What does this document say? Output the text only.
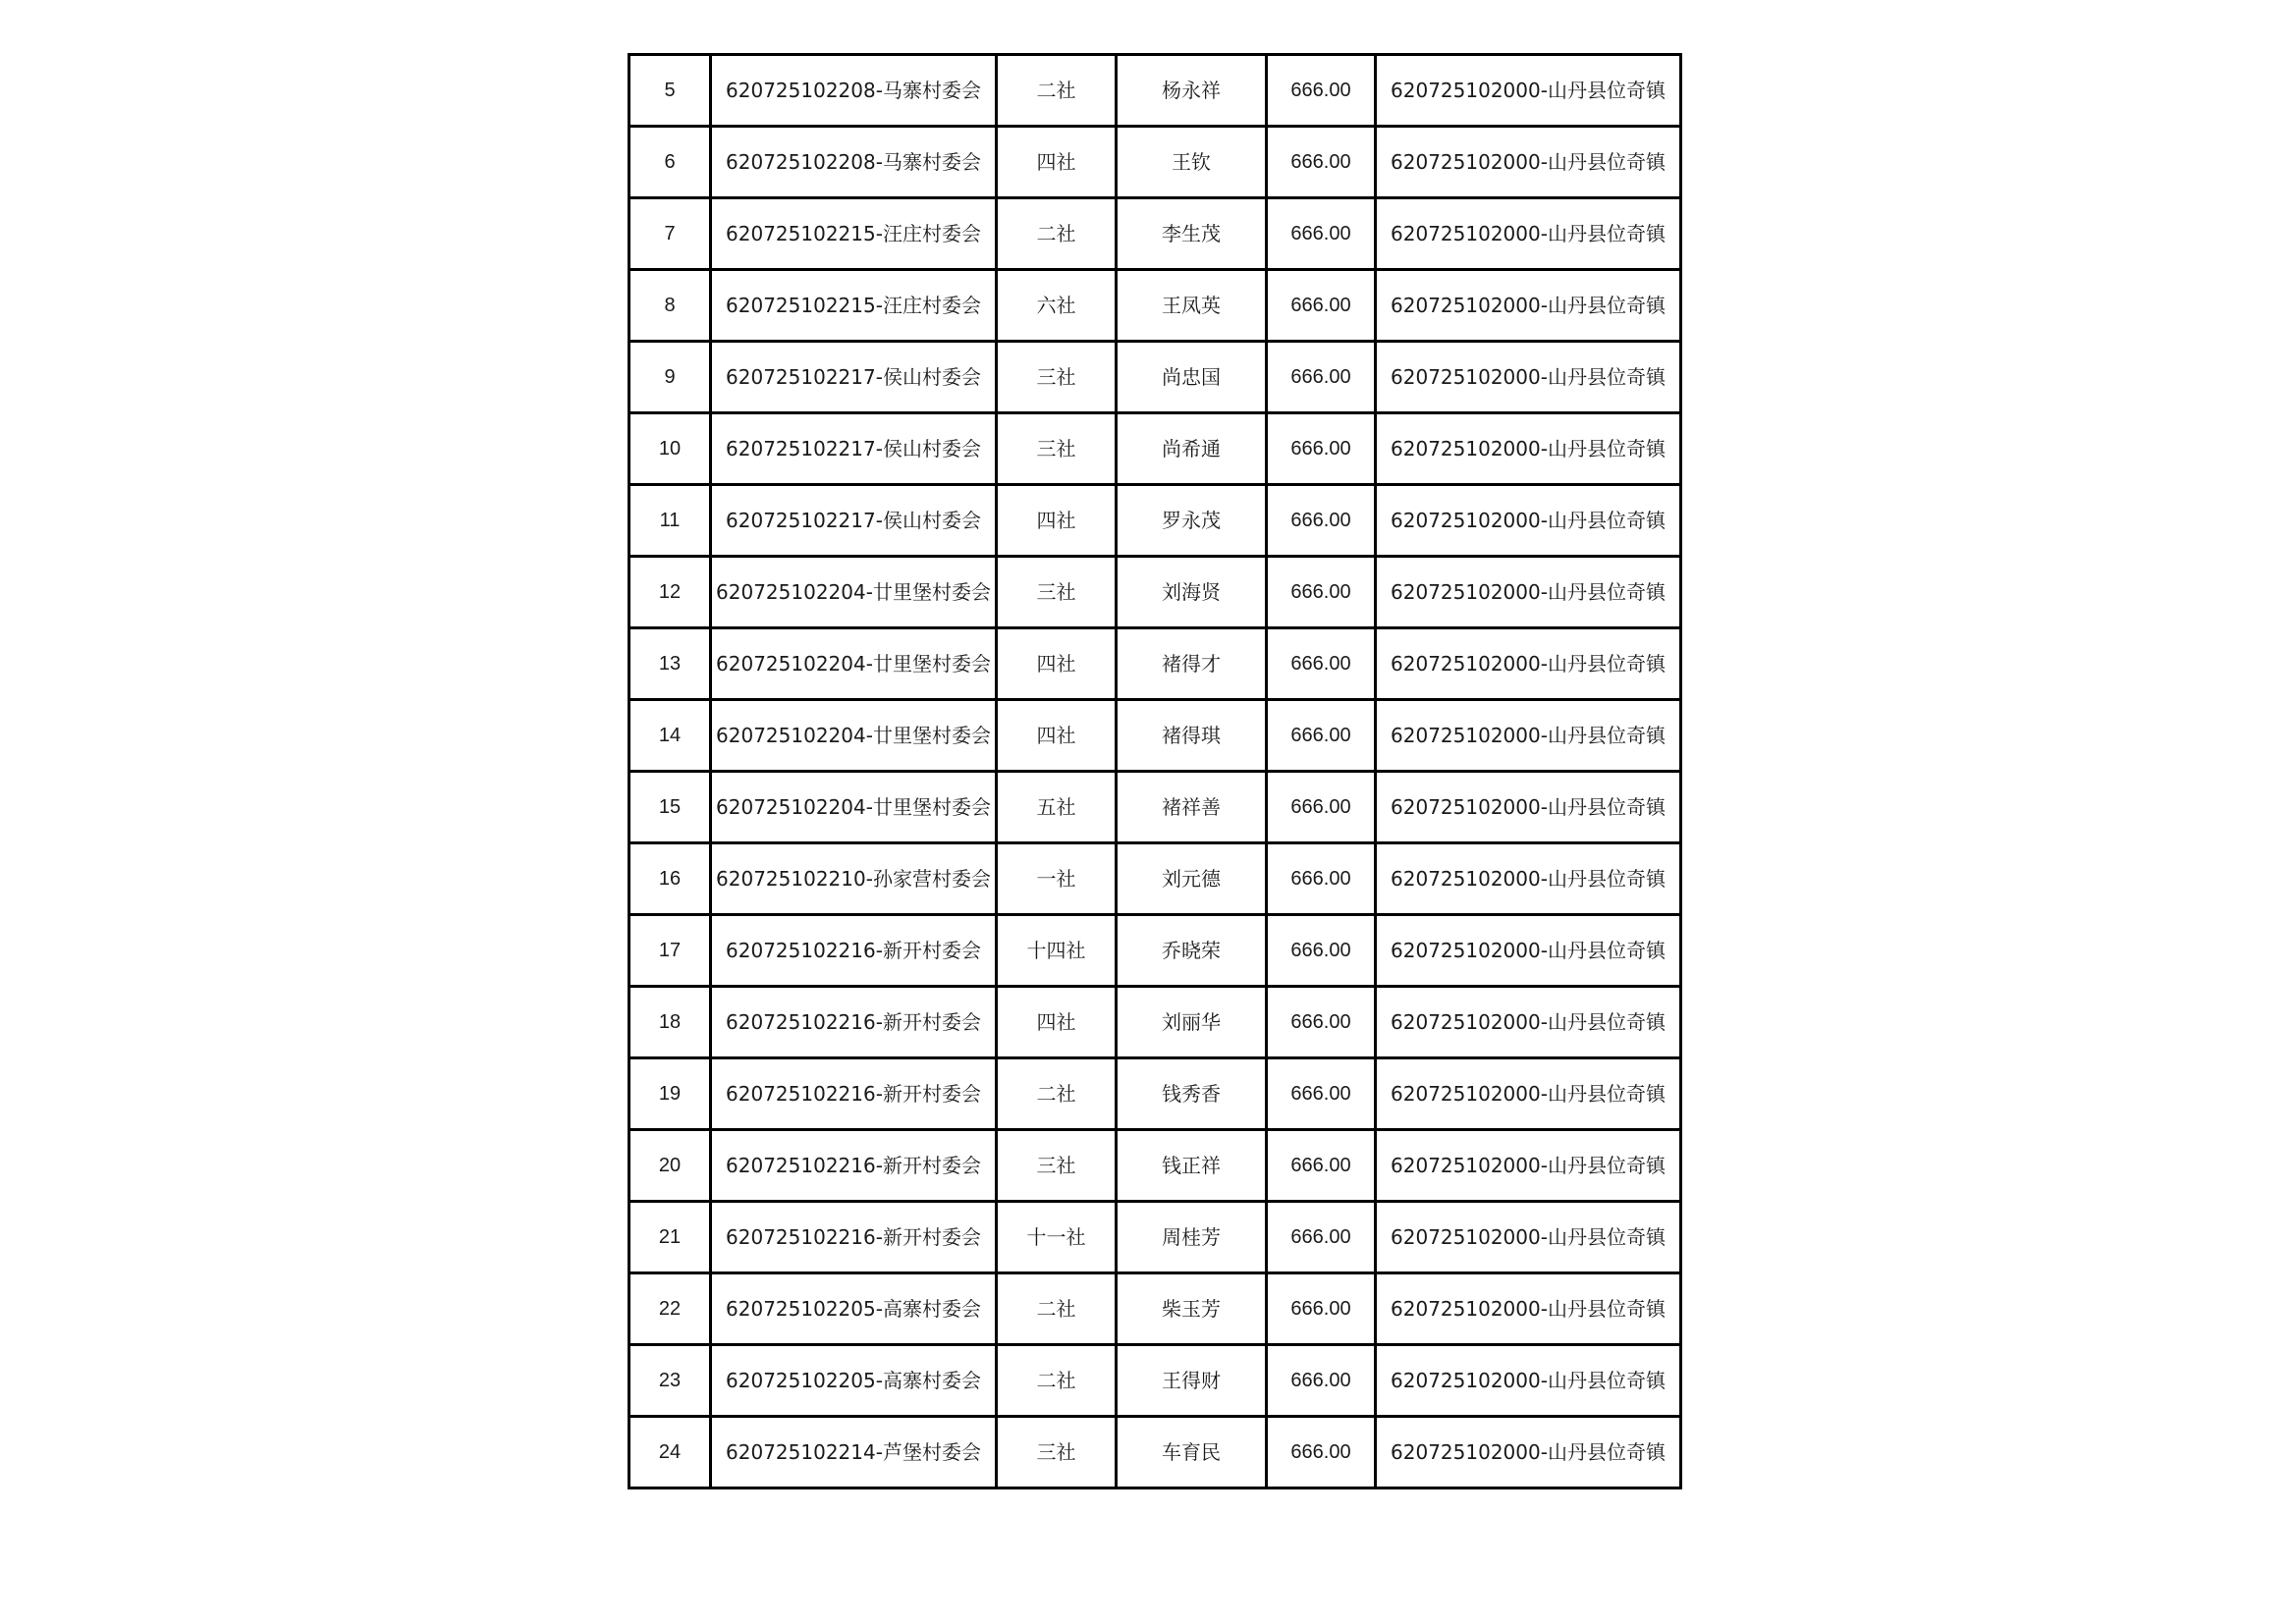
5	620725102208-马寨村委会	二社	杨永祥	666.00	620725102000-山丹县位奇镇
6	620725102208-马寨村委会	四社	王钦	666.00	620725102000-山丹县位奇镇
7	620725102215-汪庄村委会	二社	李生茂	666.00	620725102000-山丹县位奇镇
8	620725102215-汪庄村委会	六社	王凤英	666.00	620725102000-山丹县位奇镇
9	620725102217-侯山村委会	三社	尚忠国	666.00	620725102000-山丹县位奇镇
10	620725102217-侯山村委会	三社	尚希通	666.00	620725102000-山丹县位奇镇
11	620725102217-侯山村委会	四社	罗永茂	666.00	620725102000-山丹县位奇镇
12	620725102204-廿里堡村委会	三社	刘海贤	666.00	620725102000-山丹县位奇镇
13	620725102204-廿里堡村委会	四社	褚得才	666.00	620725102000-山丹县位奇镇
14	620725102204-廿里堡村委会	四社	褚得琪	666.00	620725102000-山丹县位奇镇
15	620725102204-廿里堡村委会	五社	褚祥善	666.00	620725102000-山丹县位奇镇
16	620725102210-孙家营村委会	一社	刘元德	666.00	620725102000-山丹县位奇镇
17	620725102216-新开村委会	十四社	乔晓荣	666.00	620725102000-山丹县位奇镇
18	620725102216-新开村委会	四社	刘丽华	666.00	620725102000-山丹县位奇镇
19	620725102216-新开村委会	二社	钱秀香	666.00	620725102000-山丹县位奇镇
20	620725102216-新开村委会	三社	钱正祥	666.00	620725102000-山丹县位奇镇
21	620725102216-新开村委会	十一社	周桂芳	666.00	620725102000-山丹县位奇镇
22	620725102205-高寨村委会	二社	柴玉芳	666.00	620725102000-山丹县位奇镇
23	620725102205-高寨村委会	二社	王得财	666.00	620725102000-山丹县位奇镇
24	620725102214-芦堡村委会	三社	车育民	666.00	620725102000-山丹县位奇镇
